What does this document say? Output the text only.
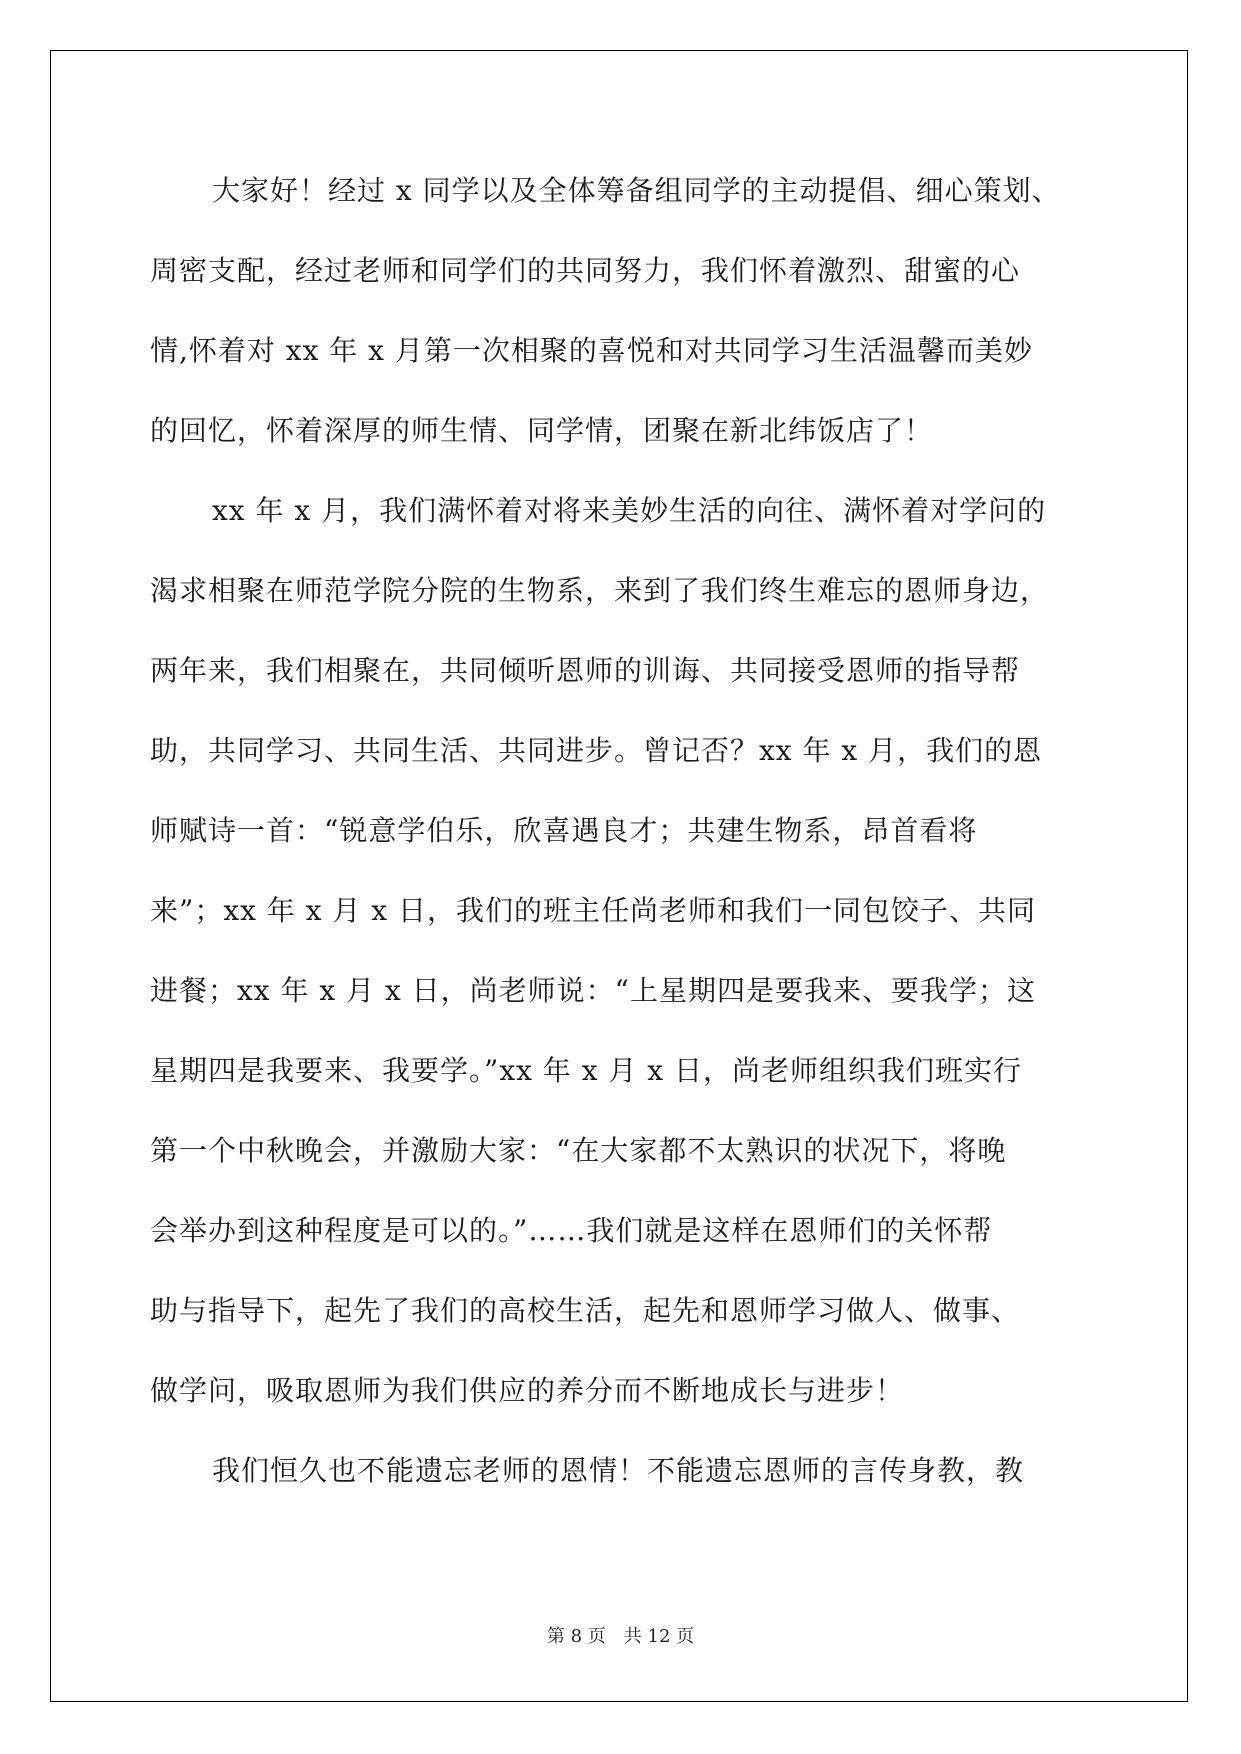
大家好！经过 x 同学以及全体筹备组同学的主动提倡、细心策划、
周密支配，经过老师和同学们的共同努力，我们怀着激烈、甜蜜的心
情,怀着对 xx 年 x 月第一次相聚的喜悦和对共同学习生活温馨而美妙
的回忆，怀着深厚的师生情、同学情，团聚在新北纬饭店了！
xx 年 x 月，我们满怀着对将来美妙生活的向往、满怀着对学问的
渴求相聚在师范学院分院的生物系，来到了我们终生难忘的恩师身边，
两年来，我们相聚在，共同倾听恩师的训诲、共同接受恩师的指导帮
助，共同学习、共同生活、共同进步。曾记否？xx 年 x 月，我们的恩
师赋诗一首：“锐意学伯乐，欣喜遇良才；共建生物系，昂首看将
来”；xx 年 x 月 x 日，我们的班主任尚老师和我们一同包饺子、共同
进餐；xx 年 x 月 x 日，尚老师说：“上星期四是要我来、要我学；这
星期四是我要来、我要学。”xx 年 x 月 x 日，尚老师组织我们班实行
第一个中秋晚会，并激励大家：“在大家都不太熟识的状况下，将晚
会举办到这种程度是可以的。”……我们就是这样在恩师们的关怀帮
助与指导下，起先了我们的高校生活，起先和恩师学习做人、做事、
做学问，吸取恩师为我们供应的养分而不断地成长与进步！
我们恒久也不能遗忘老师的恩情！不能遗忘恩师的言传身教，教
第 8 页 共 12 页
